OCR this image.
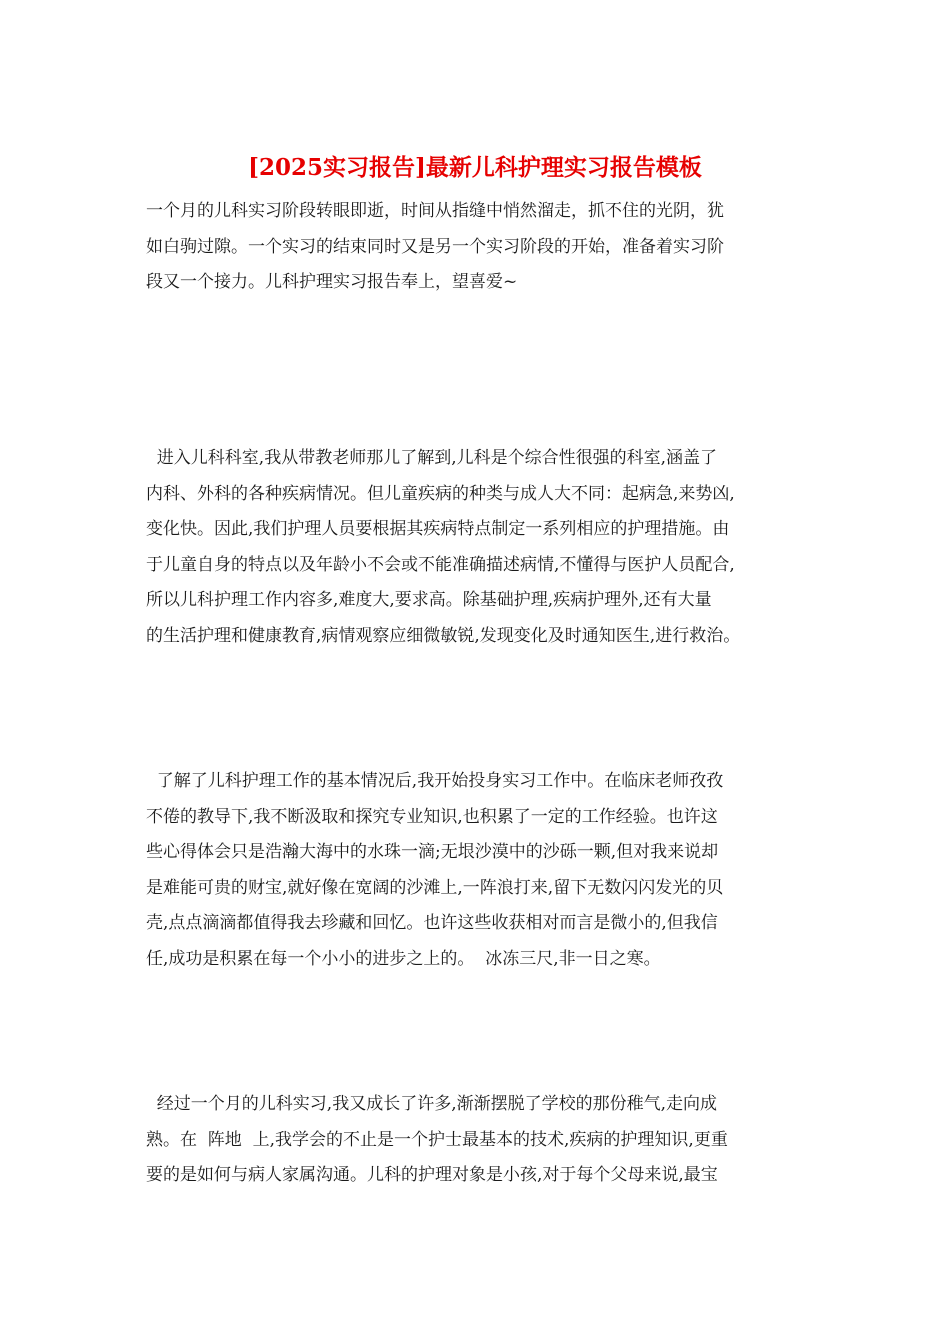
[2025实习报告]最新儿科护理实习报告模板
一个月的儿科实习阶段转眼即逝，时间从指缝中悄然溜走，抓不住的光阴，犹
如白驹过隙。一个实习的结束同时又是另一个实习阶段的开始，准备着实习阶
段又一个接力。儿科护理实习报告奉上，望喜爱~
进入儿科科室,我从带教老师那儿了解到,儿科是个综合性很强的科室,涵盖了
内科、外科的各种疾病情况。但儿童疾病的种类与成人大不同：起病急,来势凶,
变化快。因此,我们护理人员要根据其疾病特点制定一系列相应的护理措施。由
于儿童自身的特点以及年龄小不会或不能准确描述病情,不懂得与医护人员配合,
所以儿科护理工作内容多,难度大,要求高。除基础护理,疾病护理外,还有大量
的生活护理和健康教育,病情观察应细微敏锐,发现变化及时通知医生,进行救治。
了解了儿科护理工作的基本情况后,我开始投身实习工作中。在临床老师孜孜
不倦的教导下,我不断汲取和探究专业知识,也积累了一定的工作经验。也许这
些心得体会只是浩瀚大海中的水珠一滴;无垠沙漠中的沙砾一颗,但对我来说却
是难能可贵的财宝,就好像在宽阔的沙滩上,一阵浪打来,留下无数闪闪发光的贝
壳,点点滴滴都值得我去珍藏和回忆。也许这些收获相对而言是微小的,但我信
任,成功是积累在每一个小小的进步之上的。  冰冻三尺,非一日之寒。
经过一个月的儿科实习,我又成长了许多,渐渐摆脱了学校的那份稚气,走向成
熟。在  阵地  上,我学会的不止是一个护士最基本的技术,疾病的护理知识,更重
要的是如何与病人家属沟通。儿科的护理对象是小孩,对于每个父母来说,最宝
